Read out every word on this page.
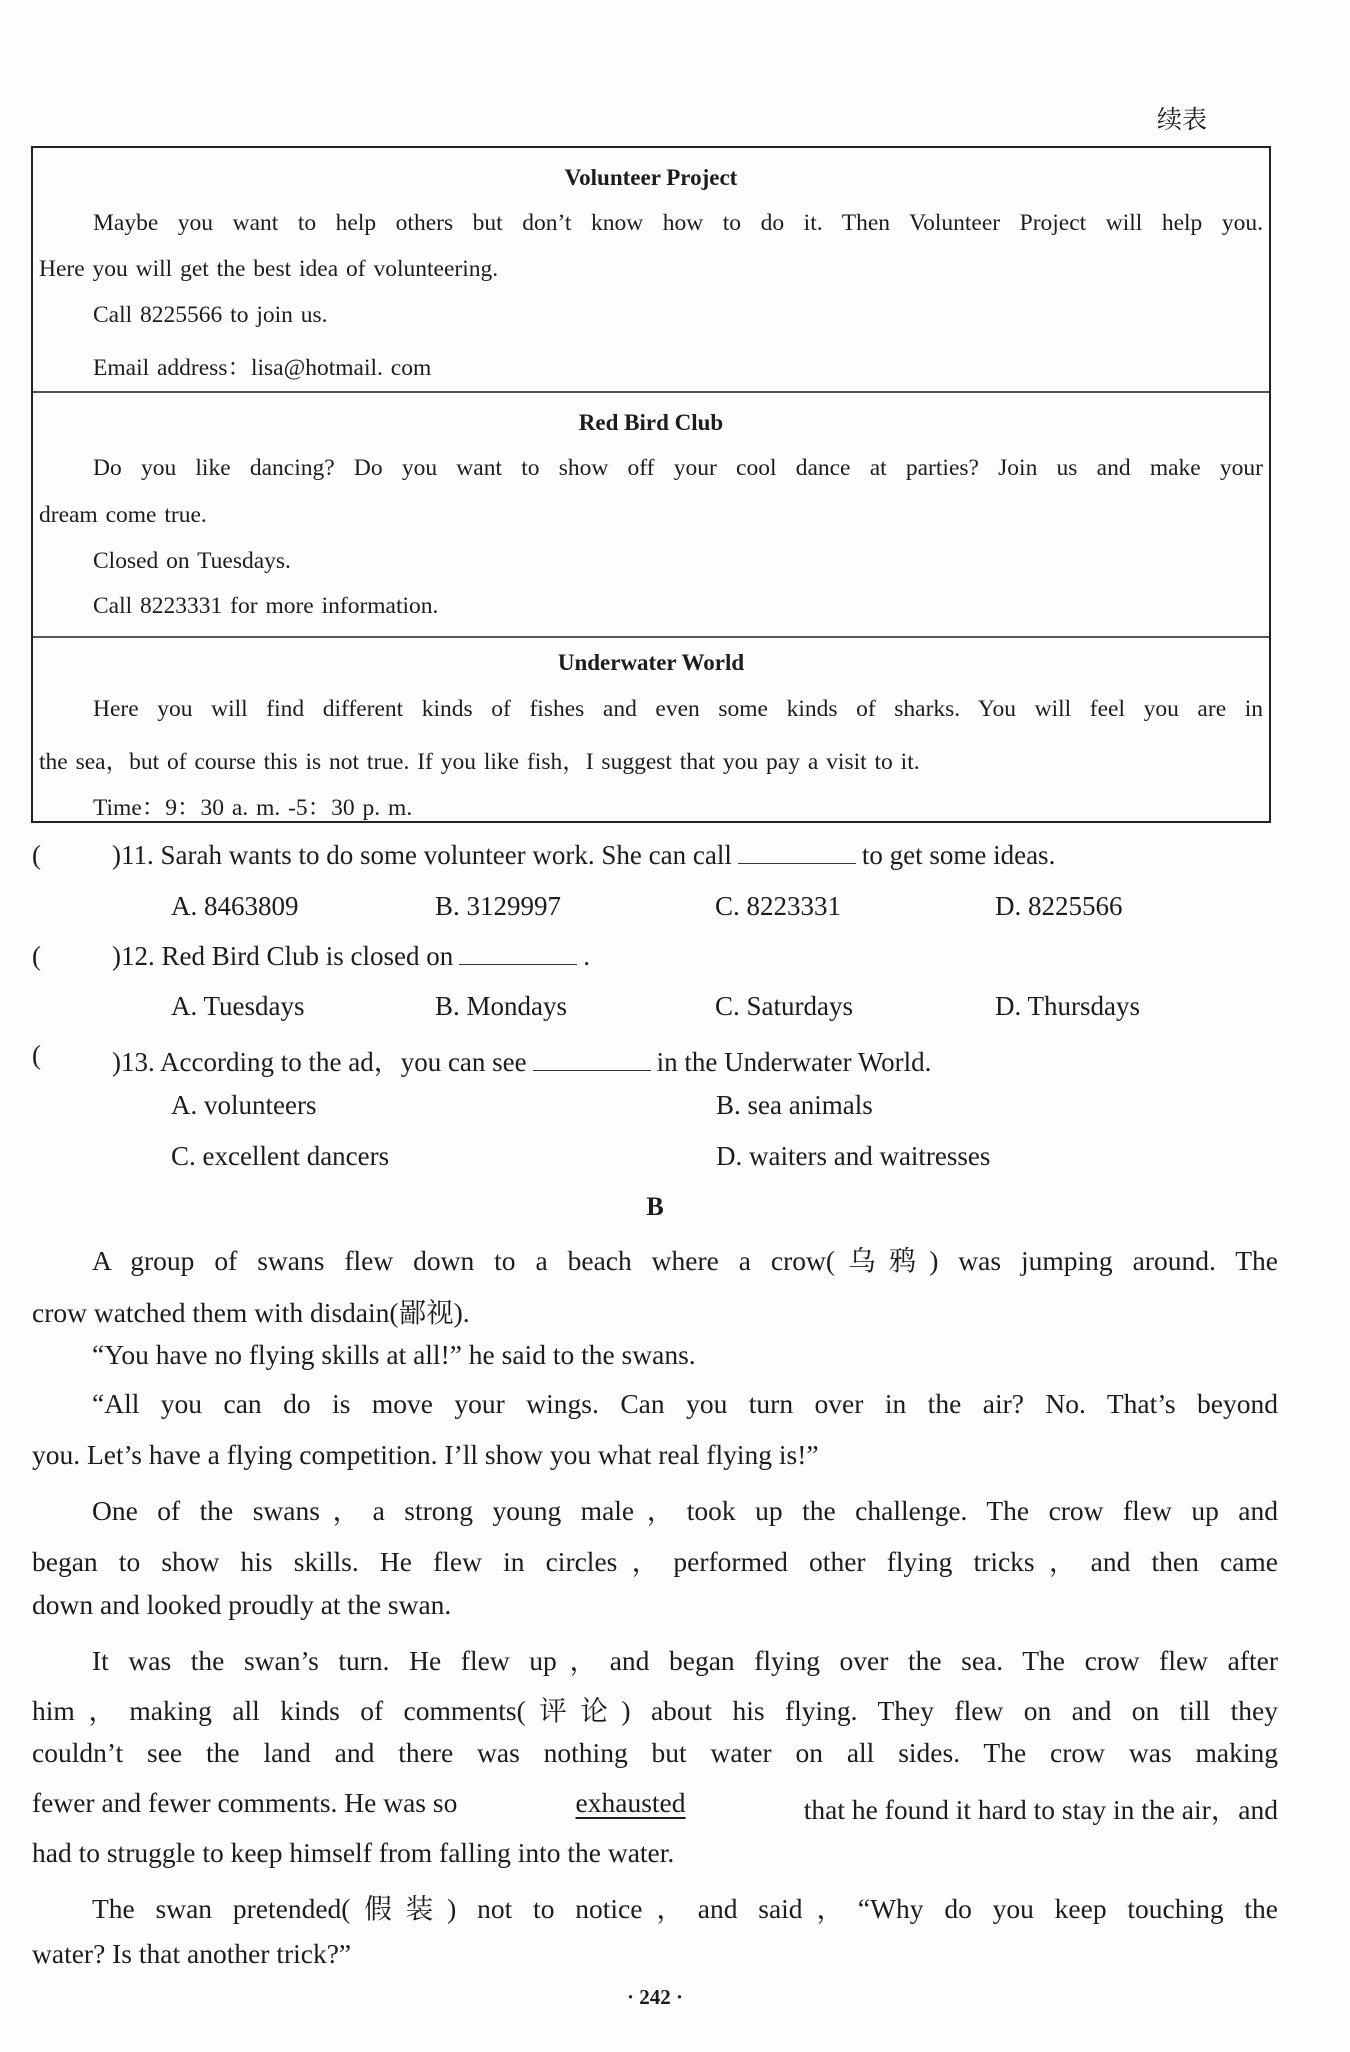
续表
Volunteer Project
Maybe you want to help others but don’t know how to do it. Then Volunteer Project will help you.
Here you will get the best idea of volunteering.
Call 8225566 to join us.
Email address：lisa@hotmail. com
Red Bird Club
Do you like dancing? Do you want to show off your cool dance at parties? Join us and make your
dream come true.
Closed on Tuesdays.
Call 8223331 for more information.
Underwater World
Here you will find different kinds of fishes and even some kinds of sharks. You will feel you are in
the sea，but of course this is not true. If you like fish，I suggest that you pay a visit to it.
Time：9：30 a. m. -5：30 p. m.
(	)11. Sarah wants to do some volunteer work. She can call	to get some ideas.
A. 8463809	B. 3129997	C. 8223331	D. 8225566
(	)12. Red Bird Club is closed on	.
A. Tuesdays	B. Mondays	C. Saturdays	D. Thursdays
(	)13. According to the ad，you can see	in the Underwater World.
A. volunteers	B. sea animals
C. excellent dancers	D. waiters and waitresses
B
A group of swans flew down to a beach where a crow(乌鸦) was jumping around. The
crow watched them with disdain(鄙视).
“You have no flying skills at all!” he said to the swans.
“All you can do is move your wings. Can you turn over in the air? No. That’s beyond
you. Let’s have a flying competition. I’ll show you what real flying is!”
One of the swans，a strong young male，took up the challenge. The crow flew up and
began to show his skills. He flew in circles，performed other flying tricks，and then came
down and looked proudly at the swan.
It was the swan’s turn. He flew up，and began flying over the sea. The crow flew after
him，making all kinds of comments(评论) about his flying. They flew on and on till they
couldn’t see the land and there was nothing but water on all sides. The crow was making
fewer and fewer comments. He was so	exhausted	that he found it hard to stay in the air，and
had to struggle to keep himself from falling into the water.
The swan pretended(假装) not to notice，and said，“Why do you keep touching the
water? Is that another trick?”
· 242 ·
